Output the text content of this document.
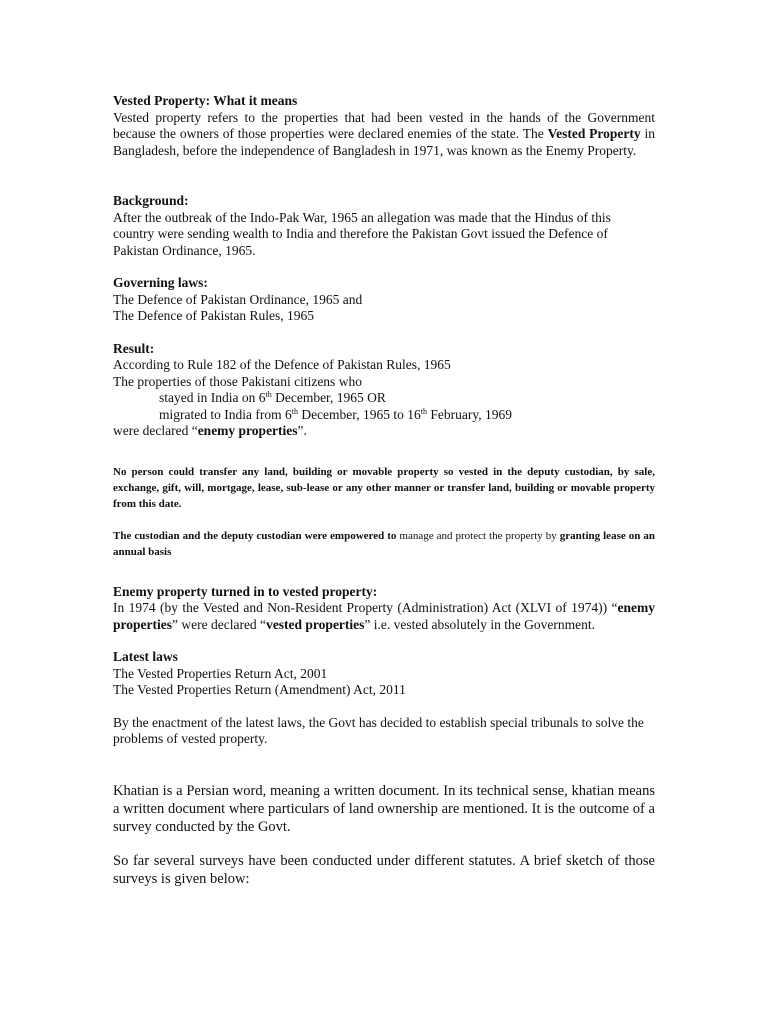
Vested Property: What it means

Vested property refers to the properties that had been vested in the hands of the Government because the owners of those properties were declared enemies of the state. The Vested Property in Bangladesh, before the independence of Bangladesh in 1971, was known as the Enemy Property.

Background:

After the outbreak of the Indo-Pak War, 1965 an allegation was made that the Hindus of this country were sending wealth to India and therefore the Pakistan Govt issued the Defence of Pakistan Ordinance, 1965.

Governing laws:

The Defence of Pakistan Ordinance, 1965 and

The Defence of Pakistan Rules, 1965

Result:

According to Rule 182 of the Defence of Pakistan Rules, 1965

The properties of those Pakistani citizens who

stayed in India on 6th December, 1965 OR

migrated to India from 6th December, 1965 to 16th February, 1969

were declared “enemy properties”.

No person could transfer any land, building or movable property so vested in the deputy custodian, by sale, exchange, gift, will, mortgage, lease, sub-lease or any other manner or transfer land, building or movable property from this date.

The custodian and the deputy custodian were empowered to manage and protect the property by granting lease on an annual basis

Enemy property turned in to vested property:

In 1974 (by the Vested and Non-Resident Property (Administration) Act (XLVI of 1974)) “enemy properties” were declared “vested properties” i.e. vested absolutely in the Government.

Latest laws

The Vested Properties Return Act, 2001

The Vested Properties Return (Amendment) Act, 2011

By the enactment of the latest laws, the Govt has decided to establish special tribunals to solve the problems of vested property.

Khatian is a Persian word, meaning a written document. In its technical sense, khatian means a written document where particulars of land ownership are mentioned. It is the outcome of a survey conducted by the Govt.

So far several surveys have been conducted under different statutes. A brief sketch of those surveys is given below:
